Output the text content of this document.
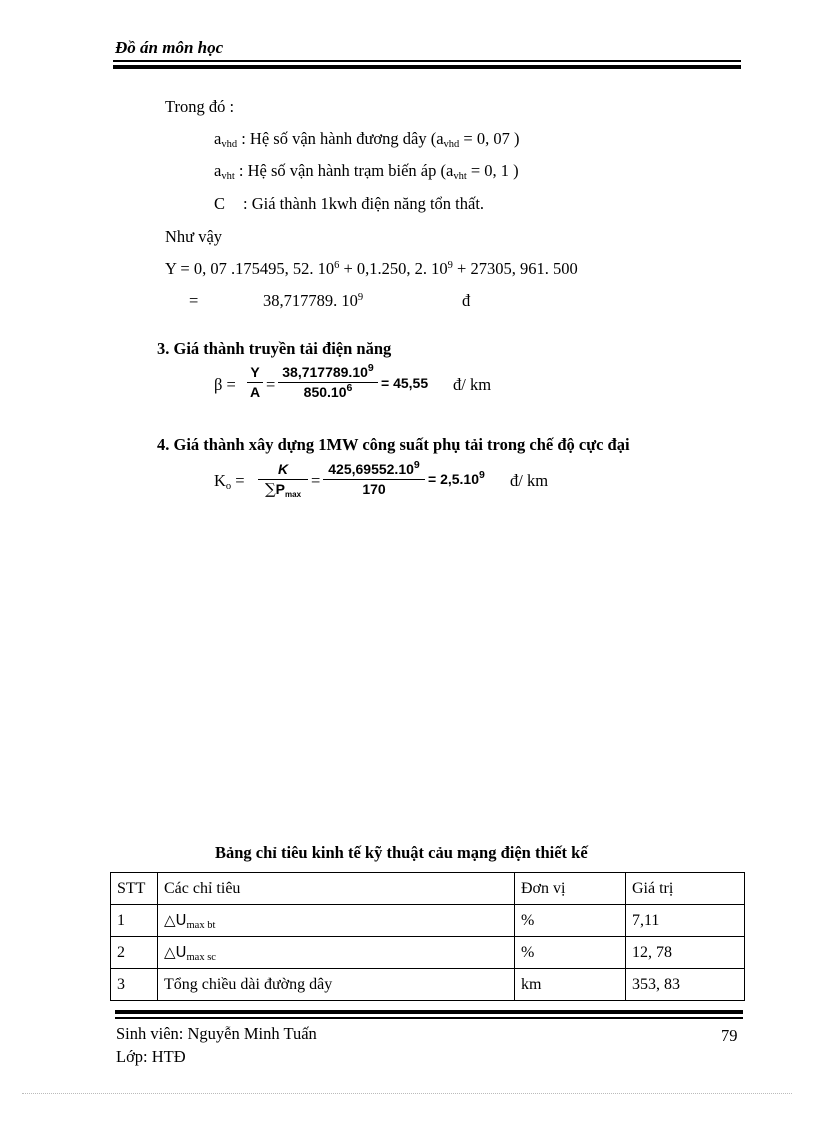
Đồ án môn học
Trong đó :
$a_{vhd}$ : Hệ số vận hành đương dây ($a_{vhd} = 0$, 07 )
$a_{vht}$ : Hệ số vận hành trạm biến áp ($a_{vht} = 0$, 1 )
C : Giá thành 1kwh điện năng tổn thất.
Như vậy
Y = 0, 07 .175495, 52. $10^6 + 0,1.250$, 2. $10^9 + 27305$, 961. 500
=	38,717789. $10^9$	đ
3. Giá thành truyền tải điện năng
β =
Y
A =
$38,717789.10^9$
$850.10^6$	= 45,55 đ/ km
4. Giá thành xây dựng 1MW công suất phụ tải trong chế độ cực đại
$K_o$ =
K
$\sum P_{max}$
=
$425,69552.10^9$
170
= $2,5.10^9$ đ/ km
Bảng chỉ tiêu kinh tế kỹ thuật cảu mạng điện thiết kế
STT	Các chỉ tiêu	Đơn vị	Giá trị
1	$\triangle U_{max bt}$	%	7,11
2	$\triangle U_{max sc}$	%	12, 78
3	Tổng chiều dài đường dây	km	353, 83
Sinh viên: Nguyễn Minh Tuấn
Lớp: HTĐ
79
